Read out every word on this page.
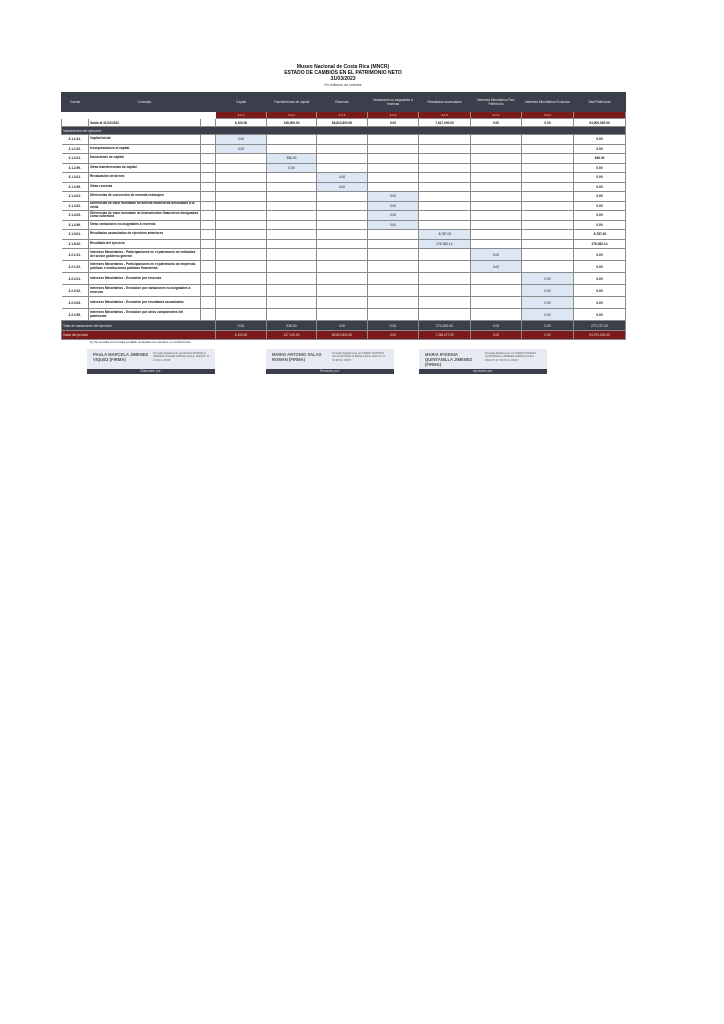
Museo Nacional de Costa Rica (MNCR)
ESTADO DE CAMBIOS EN EL PATRIMONIO NETO
31/03/2023
En millones de colones
Cuenta	Concepto		Capital	Transferencias de capital	Reservas	Variaciones no asignables a reservas	Resultados acumulados	Intereses Minoritarios Part. Patrimonio	Intereses Minoritarios Evolución	Total Patrimonio
			3.1.1	3.1.2	3.1.3	3.1.4	3.1.5	3.2.1	3.2.2	
	Saldo al 31/12/2022		6,100.00	138,000.00	85,812,800.00	0.00	7,617,000.00	0.00	0.00	94,000,000.00
Variaciones del ejercicio										
3.1.1.01.	Capital Inicial		0.00							0.00
3.1.1.02.	Incorporaciones al capital		0.00							0.00
3.1.2.01.	Donaciones de capital			536.00						536.00
3.1.2.99.	Otras transferencias de capital			0.00						0.00
3.1.3.01.	Revaluación de bienes				0.00					0.00
3.1.3.99.	Otras reservas				0.00					0.00
3.1.4.01.	Diferencias de conversión de moneda extranjera					0.00				0.00
3.1.4.02.	Diferencias de valor razonable de activos financieros destinados a la venta					0.00				0.00
3.1.4.03.	Diferencias de valor razonable de instrumentos financieros designados como cobertura					0.00				0.00
3.1.4.99.	Otras variaciones no asignables a reservas					0.00				0.00
3.1.5.01.	Resultados acumulados de ejercicios anteriores						-5,787.00			-5,787.00
3.1.5.02.	Resultado del ejercicio						276,062.14			276,062.14
3.2.1.01.	Intereses Minoritarios - Participaciones en el patrimonio de entidades del sector gobierno general							0.00		0.00
3.2.1.02.	Intereses Minoritarios - Participaciones en el patrimonio de empresas públicas e instituciones públicas financieras							0.00		0.00
3.2.2.01.	Intereses Minoritarios - Evolución por reservas								0.00	0.00
3.2.2.02.	Intereses Minoritarios - Evolución por variaciones no asignables a reservas								0.00	0.00
3.2.2.03.	Intereses Minoritarios - Evolución por resultados acumulados								0.00	0.00
3.2.2.99.	Intereses Minoritarios - Evolución por otros componentes del patrimonio								0.00	0.00
Total de variaciones del ejercicio			0.00	536.00	0.00	0.00	270,000.00	0.00	0.00	270,737.00
Saldo del período			6,100.00	137,100.00	85,812,800.00	0.00	7,284,077.00	0.00	0.00	94,270,000.00
(1) Se concilia con la Nota contable de Estado de Cambios en el Patrimonio
PAULA MARCELA JIMENEZ VIQUEZ (FIRMA)
Firmado digitalmente por PAULA MARCELA JIMENEZ VIQUEZ (FIRMA) Fecha: 2023.07.17 - 12:04:1 -06'00'
Elaborado por:
MARIO ANTONIO SALAS ROMAN (FIRMA)
Firmado digitalmente por MARIO ANTONIO SALAS ROMAN (FIRMA) Fecha: 2023.07.17 15:39:52 -06'00'
Revisado por:
MARIA IFIGENIA QUINTANILLA JIMENEZ (FIRMA)
Firmado digitalmente por MARIA IFIGENIA QUINTANILLA JIMENEZ (FIRMA) Fecha: 2023.07.17 16:36:10 -06'00'
Aprobado por:
